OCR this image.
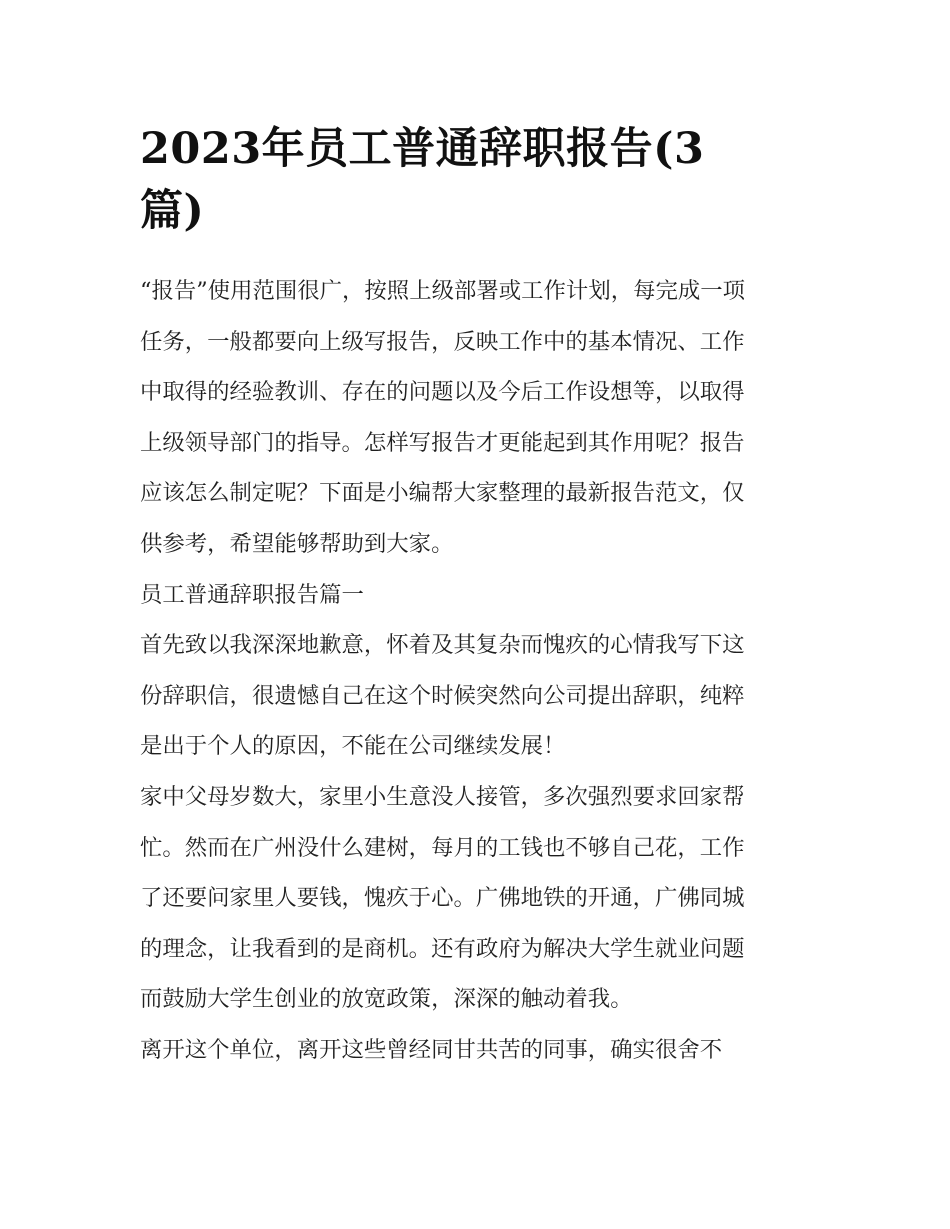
2023年员工普通辞职报告(3
篇)

“报告”使用范围很广，按照上级部署或工作计划，每完成一项
任务，一般都要向上级写报告，反映工作中的基本情况、工作
中取得的经验教训、存在的问题以及今后工作设想等，以取得
上级领导部门的指导。怎样写报告才更能起到其作用呢？报告
应该怎么制定呢？下面是小编帮大家整理的最新报告范文，仅
供参考，希望能够帮助到大家。

员工普通辞职报告篇一

首先致以我深深地歉意，怀着及其复杂而愧疚的心情我写下这
份辞职信，很遗憾自己在这个时候突然向公司提出辞职，纯粹
是出于个人的原因，不能在公司继续发展！

家中父母岁数大，家里小生意没人接管，多次强烈要求回家帮
忙。然而在广州没什么建树，每月的工钱也不够自己花，工作
了还要问家里人要钱，愧疚于心。广佛地铁的开通，广佛同城
的理念，让我看到的是商机。还有政府为解决大学生就业问题
而鼓励大学生创业的放宽政策，深深的触动着我。

离开这个单位，离开这些曾经同甘共苦的同事，确实很舍不
